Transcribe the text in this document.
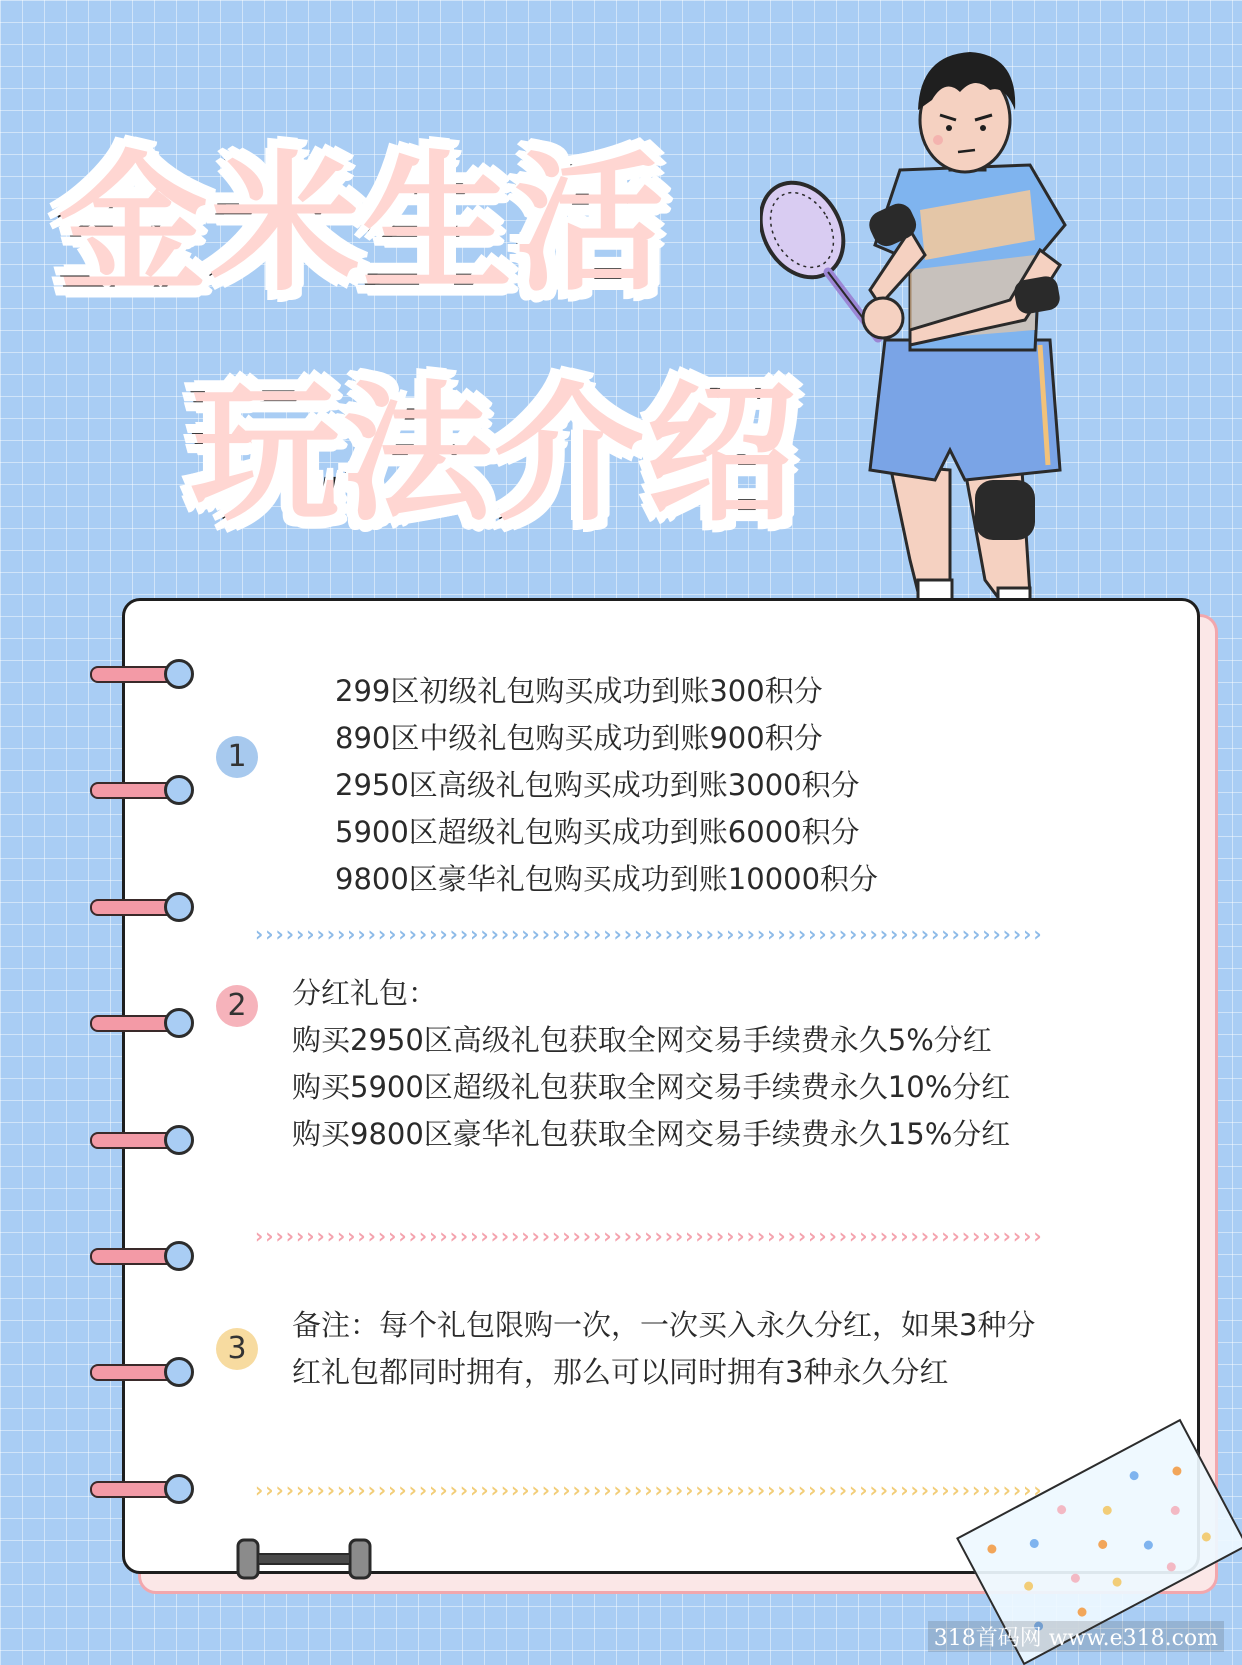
金米生活
玩法介绍
1
299区初级礼包购买成功到账300积分
890区中级礼包购买成功到账900积分
2950区高级礼包购买成功到账3000积分
5900区超级礼包购买成功到账6000积分
9800区豪华礼包购买成功到账10000积分
›››››››››››››››››››››››››››››››››››››››››››››››››››››››››››››››››››››››››››››
2	分红礼包：
购买2950区高级礼包获取全网交易手续费永久5%分红
购买5900区超级礼包获取全网交易手续费永久10%分红
购买9800区豪华礼包获取全网交易手续费永久15%分红
›››››››››››››››››››››››››››››››››››››››››››››››››››››››››››››››››››››››››››››
3
备注：每个礼包限购一次，一次买入永久分红，如果3种分
红礼包都同时拥有，那么可以同时拥有3种永久分红
›››››››››››››››››››››››››››››››››››››››››››››››››››››››››››››››››››››››››››››
318首码网 www.e318.com
